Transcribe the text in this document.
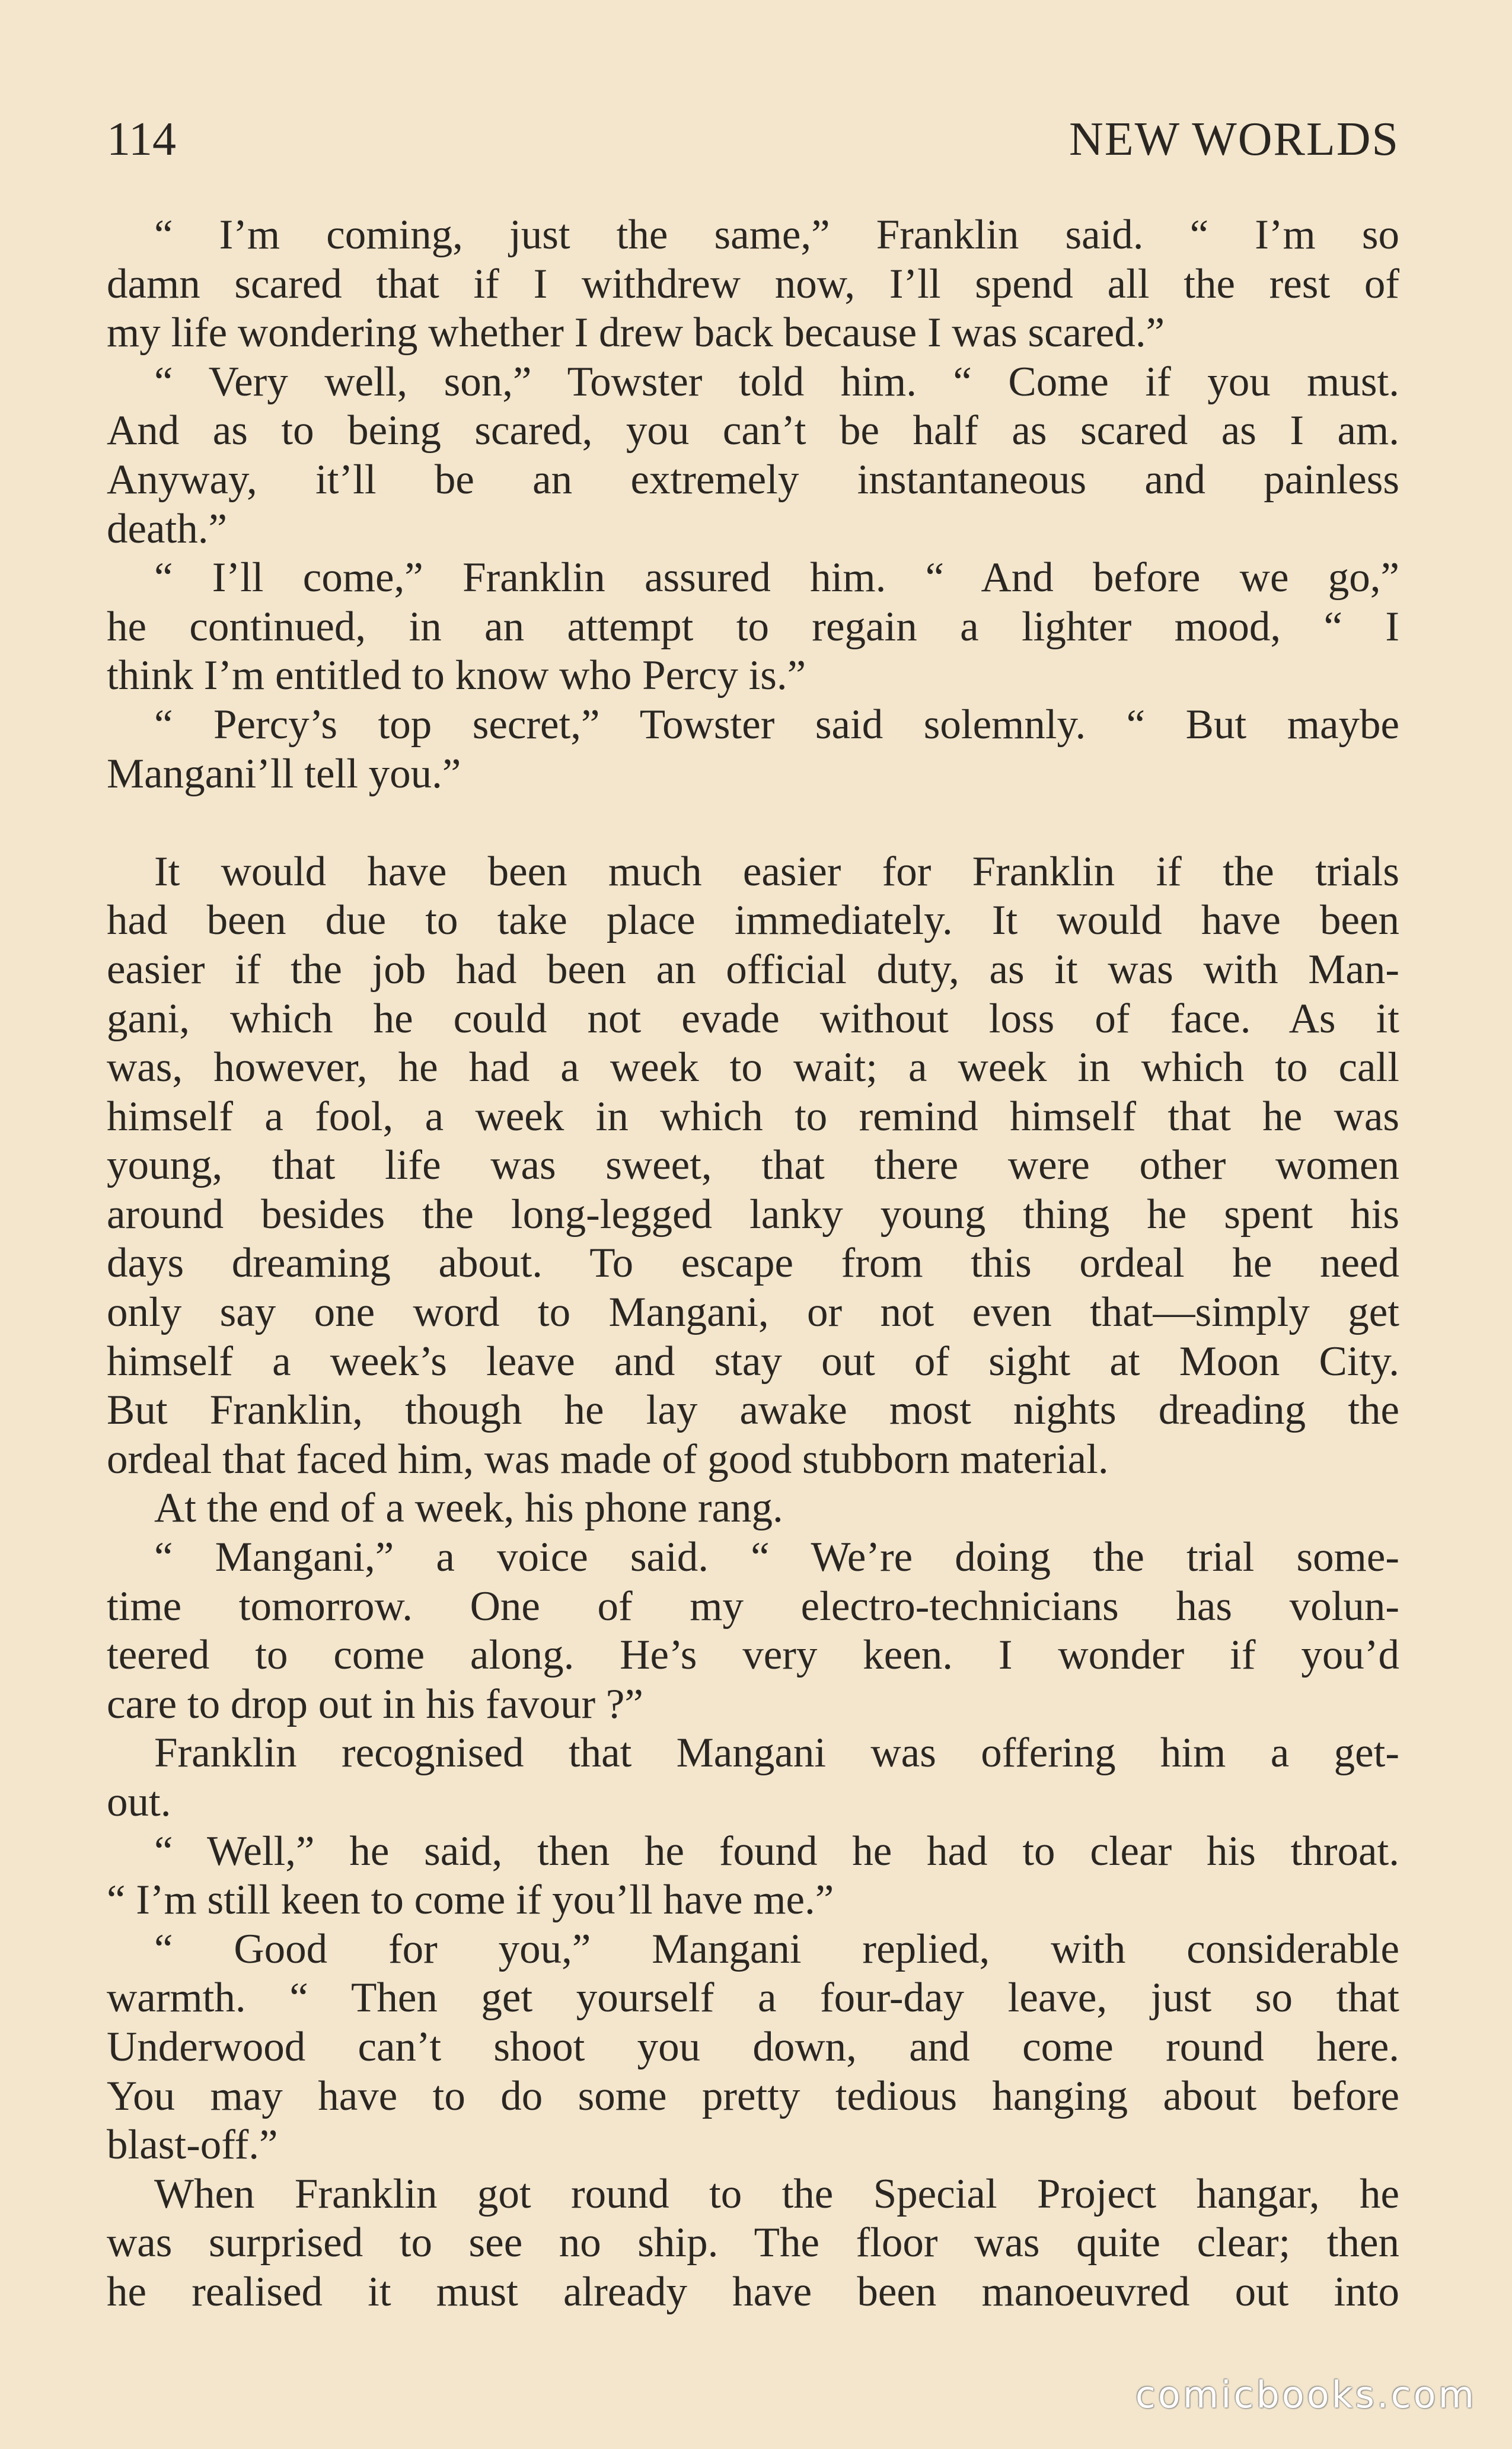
114	NEW WORLDS
“ I’m coming, just the same,” Franklin said. “ I’m so
damn scared that if I withdrew now, I’ll spend all the rest of
my life wondering whether I drew back because I was scared.”
“ Very well, son,” Towster told him. “ Come if you must.
And as to being scared, you can’t be half as scared as I am.
Anyway, it’ll be an extremely instantaneous and painless
death.”
“ I’ll come,” Franklin assured him. “ And before we go,”
he continued, in an attempt to regain a lighter mood, “ I
think I’m entitled to know who Percy is.”
“ Percy’s top secret,” Towster said solemnly. “ But maybe
Mangani’ll tell you.”
It would have been much easier for Franklin if the trials
had been due to take place immediately. It would have been
easier if the job had been an official duty, as it was with Man-
gani, which he could not evade without loss of face. As it
was, however, he had a week to wait; a week in which to call
himself a fool, a week in which to remind himself that he was
young, that life was sweet, that there were other women
around besides the long-legged lanky young thing he spent his
days dreaming about. To escape from this ordeal he need
only say one word to Mangani, or not even that—simply get
himself a week’s leave and stay out of sight at Moon City.
But Franklin, though he lay awake most nights dreading the
ordeal that faced him, was made of good stubborn material.
At the end of a week, his phone rang.
“ Mangani,” a voice said. “ We’re doing the trial some-
time tomorrow. One of my electro-technicians has volun-
teered to come along. He’s very keen. I wonder if you’d
care to drop out in his favour ?”
Franklin recognised that Mangani was offering him a get-
out.
“ Well,” he said, then he found he had to clear his throat.
“ I’m still keen to come if you’ll have me.”
“ Good for you,” Mangani replied, with considerable
warmth. “ Then get yourself a four-day leave, just so that
Underwood can’t shoot you down, and come round here.
You may have to do some pretty tedious hanging about before
blast-off.”
When Franklin got round to the Special Project hangar, he
was surprised to see no ship. The floor was quite clear; then
he realised it must already have been manoeuvred out into
comicbooks.com
